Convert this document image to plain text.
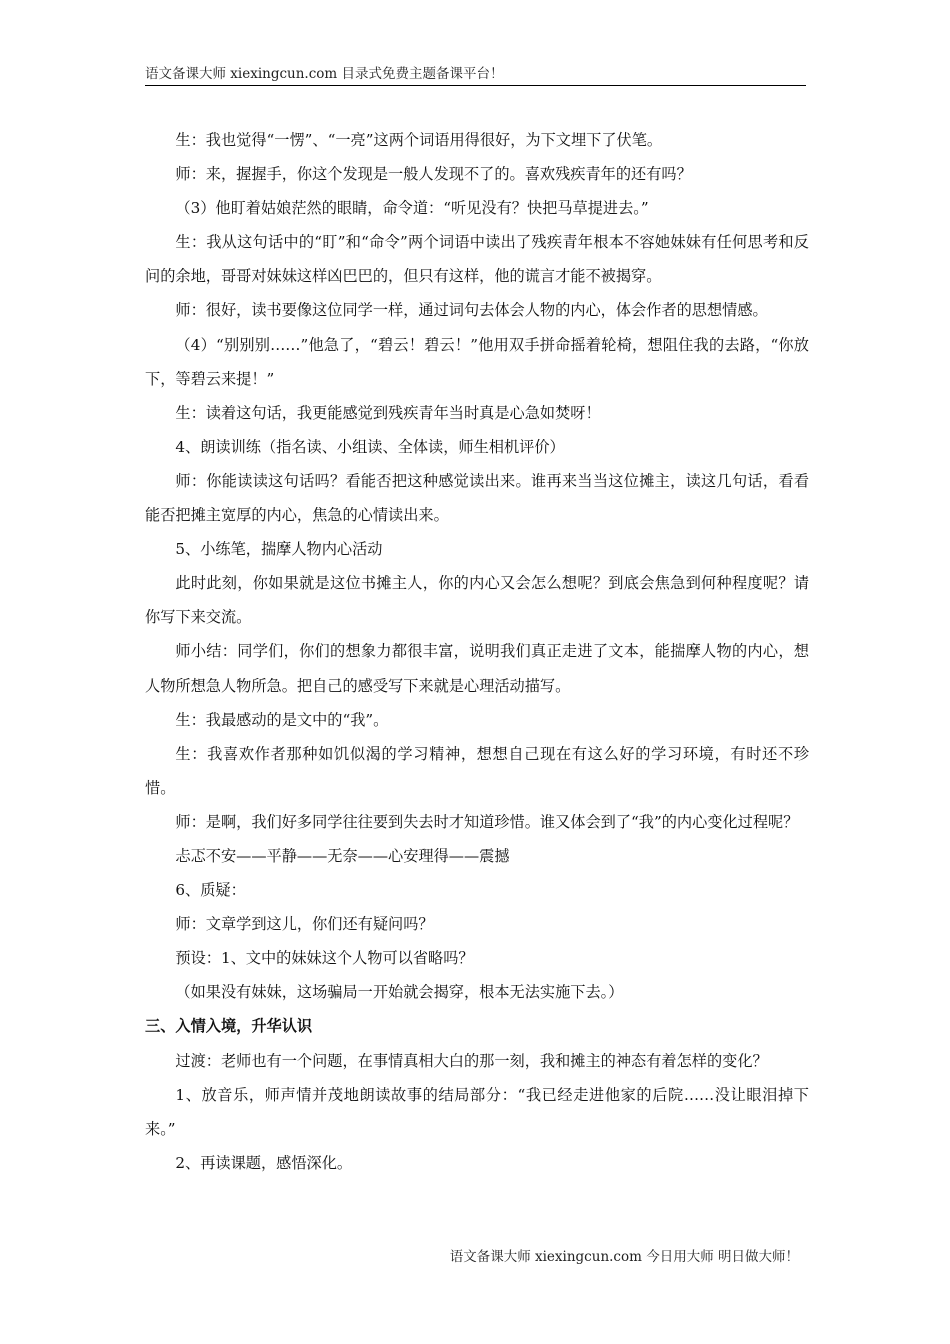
语文备课大师 xiexingcun.com 目录式免费主题备课平台！

生：我也觉得“一愣”、“一亮”这两个词语用得很好，为下文埋下了伏笔。

师：来，握握手，你这个发现是一般人发现不了的。喜欢残疾青年的还有吗？

（3）他盯着姑娘茫然的眼睛，命令道：“听见没有？快把马草提进去。”

生：我从这句话中的“盯”和“命令”两个词语中读出了残疾青年根本不容她妹妹有任何思考和反问的余地，哥哥对妹妹这样凶巴巴的，但只有这样，他的谎言才能不被揭穿。

师：很好，读书要像这位同学一样，通过词句去体会人物的内心，体会作者的思想情感。

（4）“别别别……”他急了，“碧云！碧云！”他用双手拼命摇着轮椅，想阻住我的去路，“你放下，等碧云来提！”

生：读着这句话，我更能感觉到残疾青年当时真是心急如焚呀！

4、朗读训练（指名读、小组读、全体读，师生相机评价）

师：你能读读这句话吗？看能否把这种感觉读出来。谁再来当当这位摊主，读这几句话，看看能否把摊主宽厚的内心，焦急的心情读出来。

5、小练笔，揣摩人物内心活动

此时此刻，你如果就是这位书摊主人，你的内心又会怎么想呢？到底会焦急到何种程度呢？请你写下来交流。

师小结：同学们，你们的想象力都很丰富，说明我们真正走进了文本，能揣摩人物的内心，想人物所想急人物所急。把自己的感受写下来就是心理活动描写。

生：我最感动的是文中的“我”。

生：我喜欢作者那种如饥似渴的学习精神，想想自己现在有这么好的学习环境，有时还不珍惜。

师：是啊，我们好多同学往往要到失去时才知道珍惜。谁又体会到了“我”的内心变化过程呢？

忐忑不安——平静——无奈——心安理得——震撼

6、质疑：

师：文章学到这儿，你们还有疑问吗？

预设：1、文中的妹妹这个人物可以省略吗？

（如果没有妹妹，这场骗局一开始就会揭穿，根本无法实施下去。）

三、入情入境，升华认识

过渡：老师也有一个问题，在事情真相大白的那一刻，我和摊主的神态有着怎样的变化？

1、放音乐，师声情并茂地朗读故事的结局部分：“我已经走进他家的后院……没让眼泪掉下来。”

2、再读课题，感悟深化。

语文备课大师 xiexingcun.com 今日用大师 明日做大师！
